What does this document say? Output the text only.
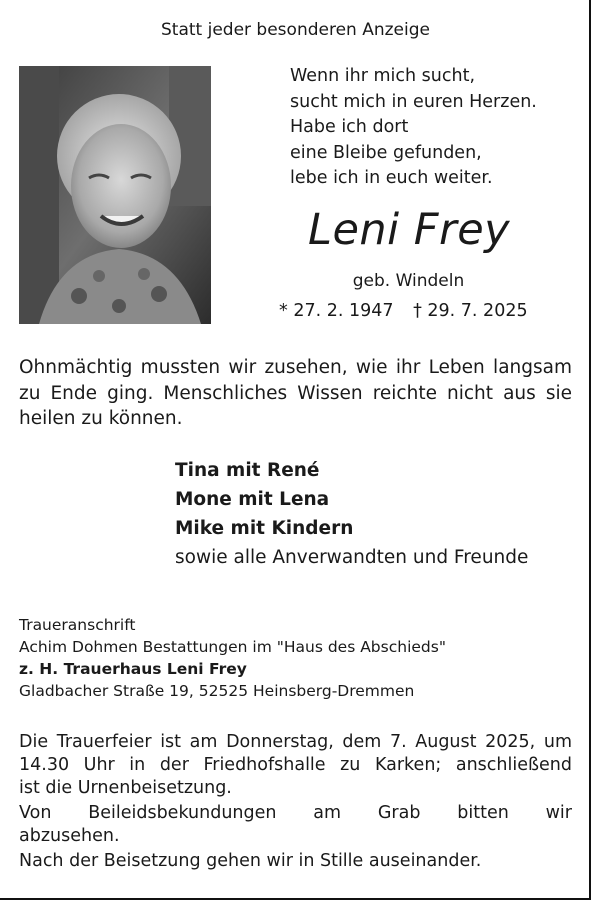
Statt jeder besonderen Anzeige
Wenn ihr mich sucht,
sucht mich in euren Herzen.
Habe ich dort
eine Bleibe gefunden,
lebe ich in euch weiter.
Leni Frey
geb. Windeln
* 27. 2. 1947 † 29. 7. 2025
Ohnmächtig mussten wir zusehen, wie ihr Leben langsam zu Ende ging. Menschliches Wissen reichte nicht aus sie heilen zu können.
Tina mit René
Mone mit Lena
Mike mit Kindern
sowie alle Anverwandten und Freunde
Traueranschrift
Achim Dohmen Bestattungen im "Haus des Abschieds"
z. H. Trauerhaus Leni Frey
Gladbacher Straße 19, 52525 Heinsberg-Dremmen
Die Trauerfeier ist am Donnerstag, dem 7. August 2025, um
14.30 Uhr in der Friedhofshalle zu Karken; anschließend
ist die Urnenbeisetzung.
Von Beileidsbekundungen am Grab bitten wir
abzusehen.
Nach der Beisetzung gehen wir in Stille auseinander.
